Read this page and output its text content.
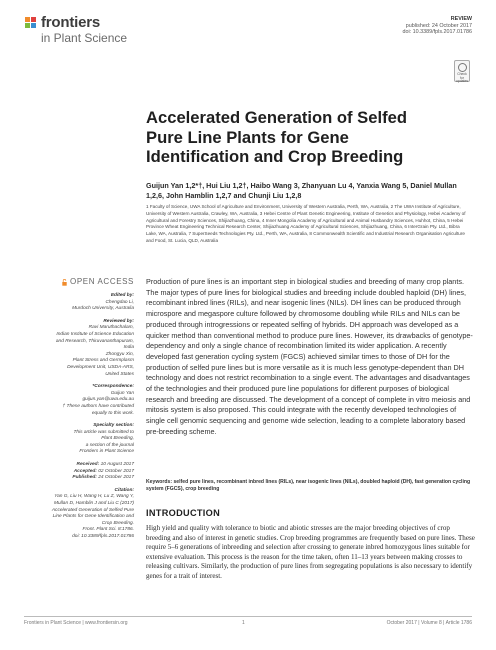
frontiers
in Plant Science
REVIEW
published: 24 October 2017
doi: 10.3389/fpls.2017.01786
Check for updates
Accelerated Generation of Selfed Pure Line Plants for Gene Identification and Crop Breeding
Guijun Yan 1,2*†, Hui Liu 1,2†, Haibo Wang 3, Zhanyuan Lu 4, Yanxia Wang 5, Daniel Mullan 1,2,6, John Hamblin 1,2,7 and Chunji Liu 1,2,8
1 Faculty of Science, UWA School of Agriculture and Environment, University of Western Australia, Perth, WA, Australia, 2 The UWA Institute of Agriculture, University of Western Australia, Crawley, WA, Australia, 3 Hebei Centre of Plant Genetic Engineering, Institute of Genetics and Physiology, Hebei Academy of Agricultural and Forestry Sciences, Shijiazhuang, China, 4 Inner Mongolia Academy of Agricultural and Animal Husbandry Sciences, Huhhot, China, 5 Hebei Province Wheat Engineering Technical Research Center, Shijiazhuang Academy of Agricultural Sciences, Shijiazhuang, China, 6 InterGrain Pty. Ltd., Bibra Lake, WA, Australia, 7 SuperSeeds Technologies Pty. Ltd., Perth, WA, Australia, 8 Commonwealth Scientific and Industrial Research Organisation Agriculture and Food, St. Lucia, QLD, Australia
OPEN ACCESS
Edited by:
Chengdao Li,
Murdoch University, Australia
Reviewed by:
Ravi Maruthachalam,
Indian Institute of Science Education
and Research, Thiruvananthapuram,
India
Zhongyu Xin,
Plant Stress and Germplasm
Development Unit, USDA-ARS,
United States
*Correspondence:
Guijun Yan
guijun.yan@uwa.edu.au
† These authors have contributed
equally to this work.
Specialty section:
This article was submitted to
Plant Breeding,
a section of the journal
Frontiers in Plant Science
Received: 10 August 2017
Accepted: 02 October 2017
Published: 24 October 2017
Citation:
Yan G, Liu H, Wang H, Lu Z, Wang Y,
Mullan D, Hamblin J and Liu C (2017)
Accelerated Generation of Selfed Pure
Line Plants for Gene Identification and
Crop Breeding.
Front. Plant Sci. 8:1786.
doi: 10.3389/fpls.2017.01786
Production of pure lines is an important step in biological studies and breeding of many crop plants. The major types of pure lines for biological studies and breeding include doubled haploid (DH) lines, recombinant inbred lines (RILs), and near isogenic lines (NILs). DH lines can be produced through microspore and megaspore culture followed by chromosome doubling while RILs and NILs can be produced through introgressions or repeated selfing of hybrids. DH approach was developed as a quicker method than conventional method to produce pure lines. However, its drawbacks of genotype-dependency and only a single chance of recombination limited its wider application. A recently developed fast generation cycling system (FGCS) achieved similar times to those of DH for the production of selfed pure lines but is more versatile as it is much less genotype-dependent than DH technology and does not restrict recombination to a single event. The advantages and disadvantages of the technologies and their produced pure line populations for different purposes of biological research and breeding are discussed. The development of a concept of complete in vitro meiosis and mitosis system is also proposed. This could integrate with the recently developed technologies of single cell genomic sequencing and genome wide selection, leading to a complete laboratory based pre-breeding scheme.
Keywords: selfed pure lines, recombinant inbred lines (RILs), near isogenic lines (NILs), doubled haploid (DH), fast generation cycling system (FGCS), crop breeding
INTRODUCTION
High yield and quality with tolerance to biotic and abiotic stresses are the major breeding objectives of crop breeding and also of interest in genetic studies. Crop breeding programmes are frequently based on pure lines. These require 5–6 generations of inbreeding and selection after crossing to generate inbred homozygous lines suitable for extensive evaluation. This process is the reason for the time taken, often 11–13 years between making crosses to releasing cultivars. Similarly, the production of pure lines from segregating populations is also necessary to identify genes for a trait of interest.
Frontiers in Plant Science | www.frontiersin.org	1	October 2017 | Volume 8 | Article 1786
